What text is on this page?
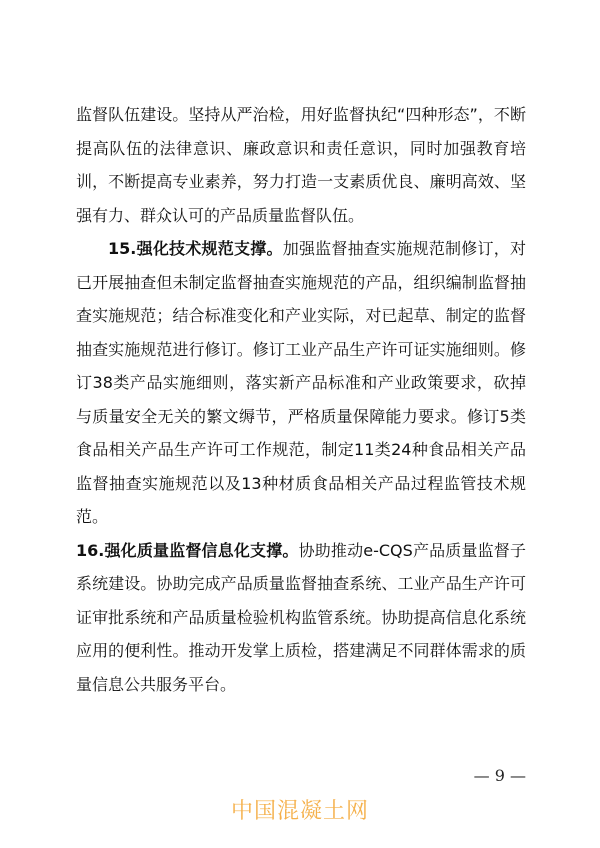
监督队伍建设。坚持从严治检，用好监督执纪“四种形态”，不断提高队伍的法律意识、廉政意识和责任意识，同时加强教育培训，不断提高专业素养，努力打造一支素质优良、廉明高效、坚强有力、群众认可的产品质量监督队伍。

15.强化技术规范支撑。加强监督抽查实施规范制修订，对已开展抽查但未制定监督抽查实施规范的产品，组织编制监督抽查实施规范；结合标准变化和产业实际，对已起草、制定的监督抽查实施规范进行修订。修订工业产品生产许可证实施细则。修订38类产品实施细则，落实新产品标准和产业政策要求，砍掉与质量安全无关的繁文缛节，严格质量保障能力要求。修订5类食品相关产品生产许可工作规范，制定11类24种食品相关产品监督抽查实施规范以及13种材质食品相关产品过程监管技术规范。

16.强化质量监督信息化支撑。协助推动e-CQS产品质量监督子系统建设。协助完成产品质量监督抽查系统、工业产品生产许可证审批系统和产品质量检验机构监管系统。协助提高信息化系统应用的便利性。推动开发掌上质检，搭建满足不同群体需求的质量信息公共服务平台。

— 9 —
中国混凝土网
